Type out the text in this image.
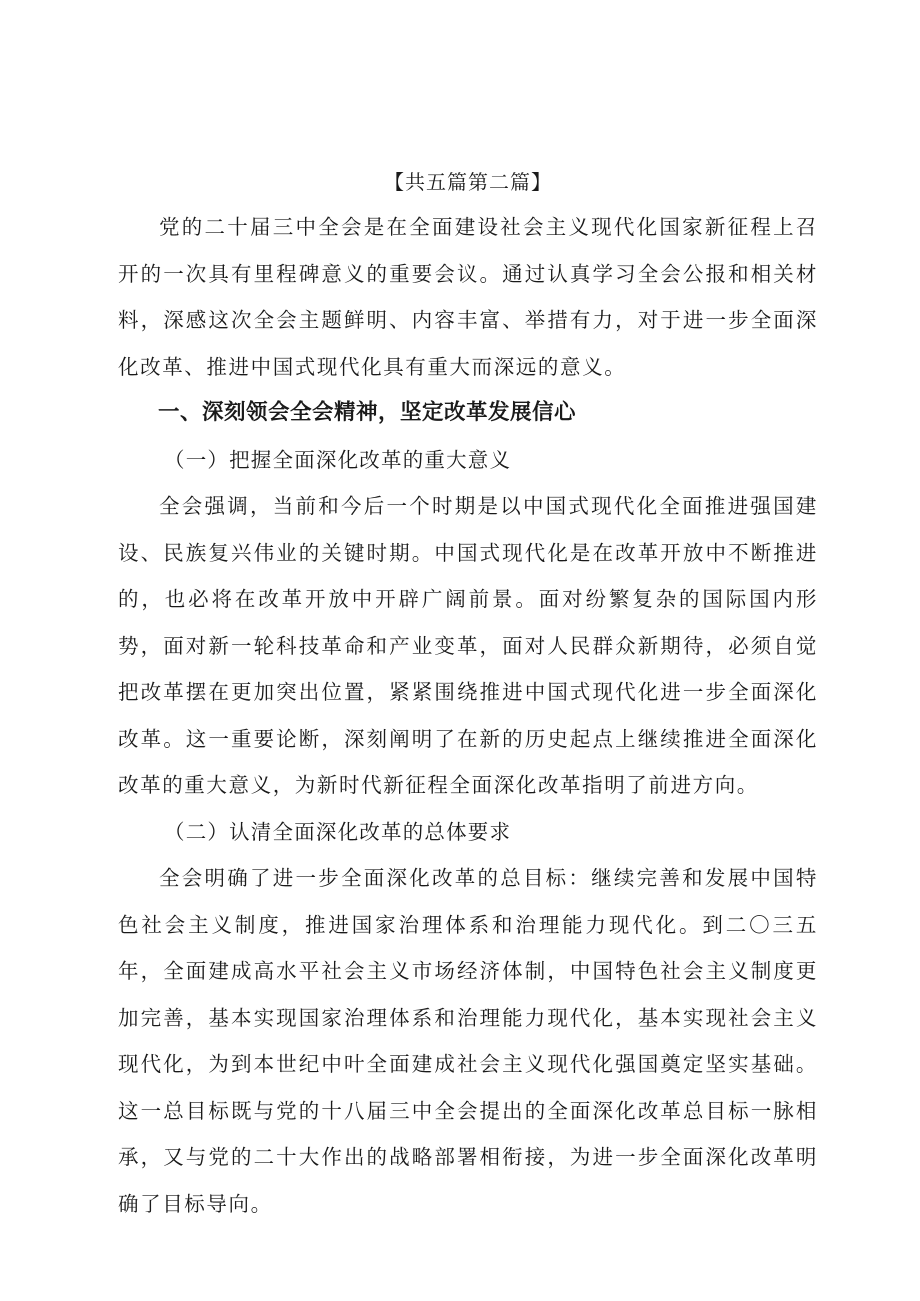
【共五篇第二篇】

党的二十届三中全会是在全面建设社会主义现代化国家新征程上召开的一次具有里程碑意义的重要会议。通过认真学习全会公报和相关材料，深感这次全会主题鲜明、内容丰富、举措有力，对于进一步全面深化改革、推进中国式现代化具有重大而深远的意义。

一、深刻领会全会精神，坚定改革发展信心
（一）把握全面深化改革的重大意义

全会强调，当前和今后一个时期是以中国式现代化全面推进强国建设、民族复兴伟业的关键时期。中国式现代化是在改革开放中不断推进的，也必将在改革开放中开辟广阔前景。面对纷繁复杂的国际国内形势，面对新一轮科技革命和产业变革，面对人民群众新期待，必须自觉把改革摆在更加突出位置，紧紧围绕推进中国式现代化进一步全面深化改革。这一重要论断，深刻阐明了在新的历史起点上继续推进全面深化改革的重大意义，为新时代新征程全面深化改革指明了前进方向。

（二）认清全面深化改革的总体要求

全会明确了进一步全面深化改革的总目标：继续完善和发展中国特色社会主义制度，推进国家治理体系和治理能力现代化。到二〇三五年，全面建成高水平社会主义市场经济体制，中国特色社会主义制度更加完善，基本实现国家治理体系和治理能力现代化，基本实现社会主义现代化，为到本世纪中叶全面建成社会主义现代化强国奠定坚实基础。这一总目标既与党的十八届三中全会提出的全面深化改革总目标一脉相承，又与党的二十大作出的战略部署相衔接，为进一步全面深化改革明确了目标导向。
